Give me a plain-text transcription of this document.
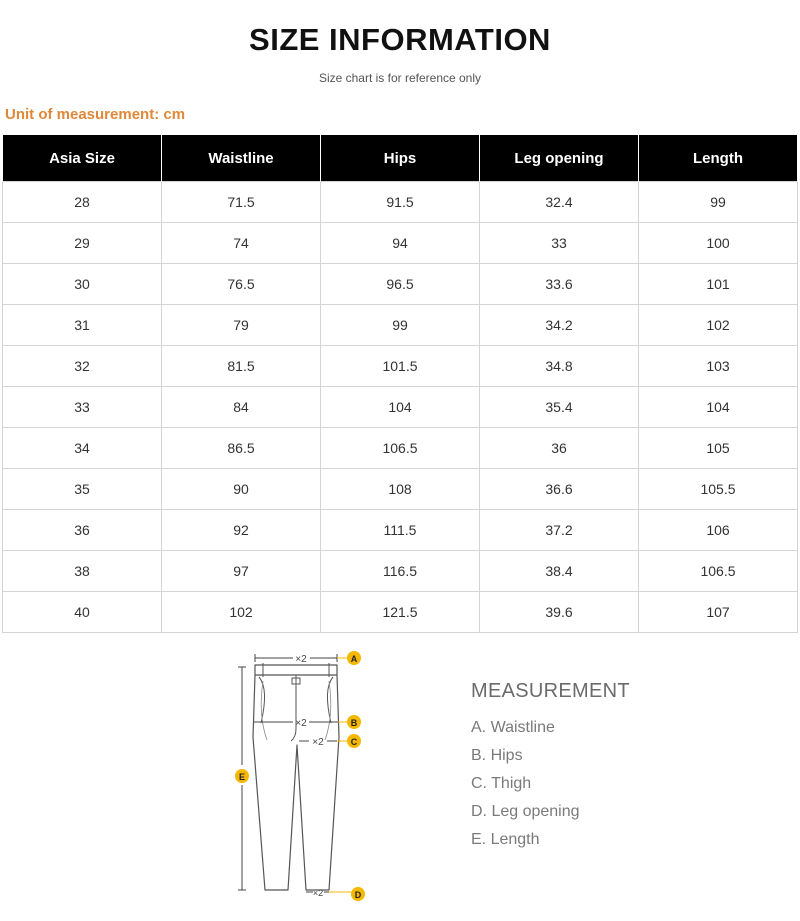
SIZE INFORMATION
Size chart is for reference only
Unit of measurement: cm
Asia Size	Waistline	Hips	Leg opening	Length
28	71.5	91.5	32.4	99
29	74	94	33	100
30	76.5	96.5	33.6	101
31	79	99	34.2	102
32	81.5	101.5	34.8	103
33	84	104	35.4	104
34	86.5	106.5	36	105
35	90	108	36.6	105.5
36	92	111.5	37.2	106
38	97	116.5	38.4	106.5
40	102	121.5	39.6	107
×2	A
×2	B
×2	C
×2	D
E
MEASUREMENT
A. Waistline
B. Hips
C. Thigh
D. Leg opening
E. Length
